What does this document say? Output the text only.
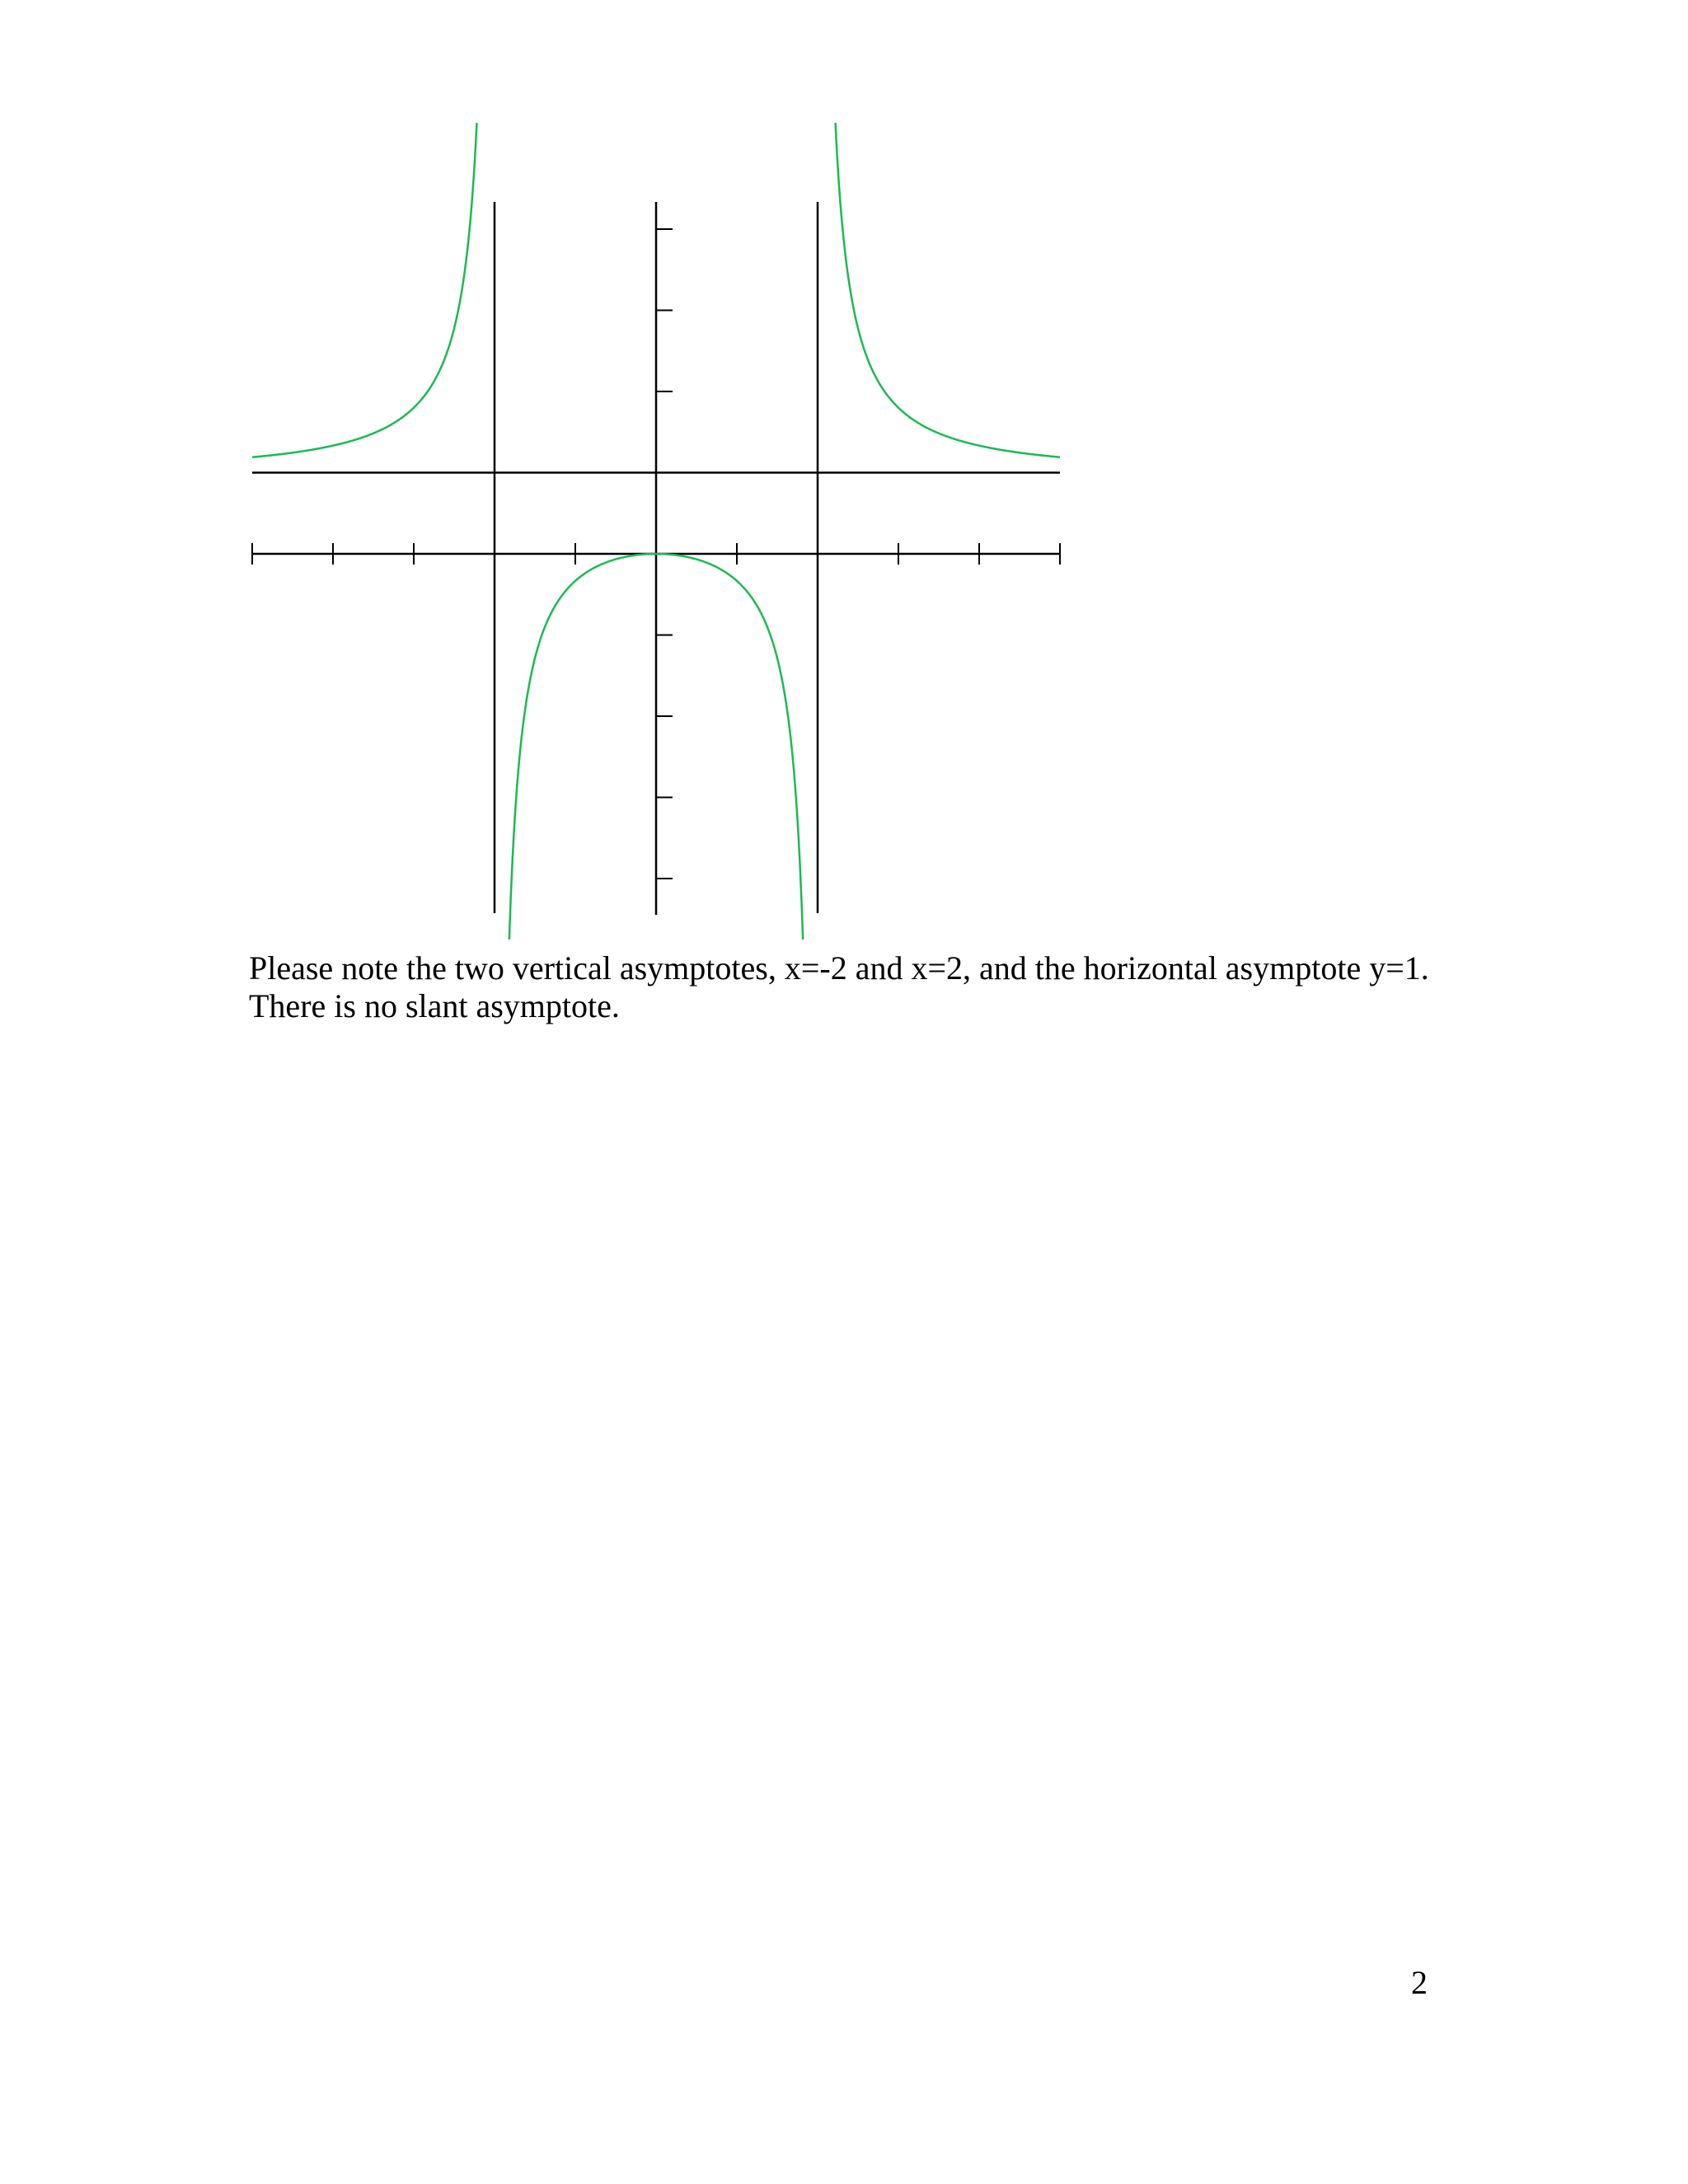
Please note the two vertical asymptotes, x=-2 and x=2, and the horizontal asymptote y=1.

There is no slant asymptote.

2
